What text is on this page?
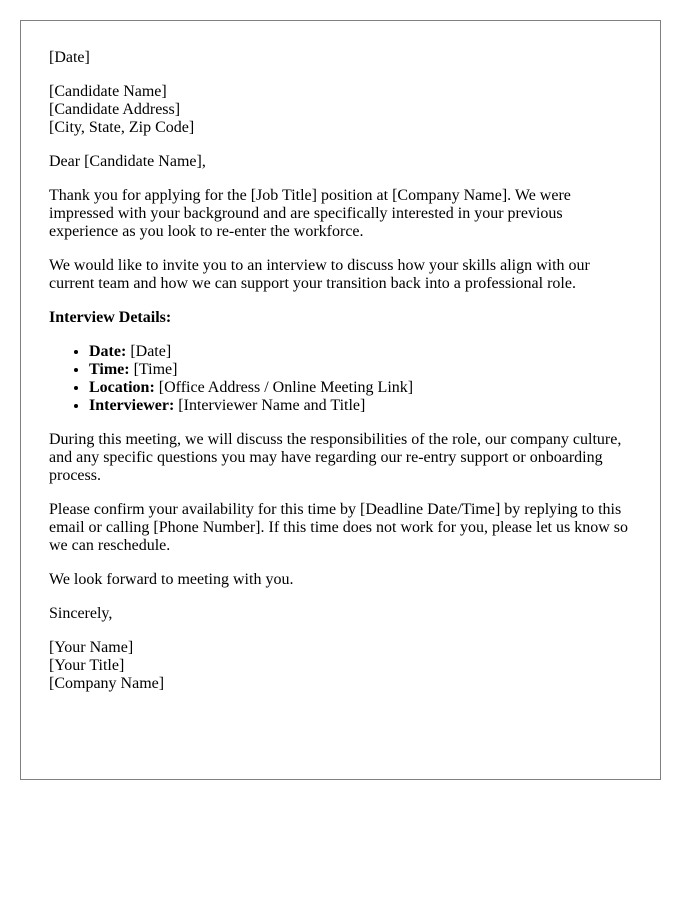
[Date]

[Candidate Name]
[Candidate Address]
[City, State, Zip Code]

Dear [Candidate Name],

Thank you for applying for the [Job Title] position at [Company Name]. We were impressed with your background and are specifically interested in your previous experience as you look to re-enter the workforce.

We would like to invite you to an interview to discuss how your skills align with our current team and how we can support your transition back into a professional role.

Interview Details:

• Date: [Date]
• Time: [Time]
• Location: [Office Address / Online Meeting Link]
• Interviewer: [Interviewer Name and Title]

During this meeting, we will discuss the responsibilities of the role, our company culture, and any specific questions you may have regarding our re-entry support or onboarding process.

Please confirm your availability for this time by [Deadline Date/Time] by replying to this email or calling [Phone Number]. If this time does not work for you, please let us know so we can reschedule.

We look forward to meeting with you.

Sincerely,

[Your Name]
[Your Title]
[Company Name]
